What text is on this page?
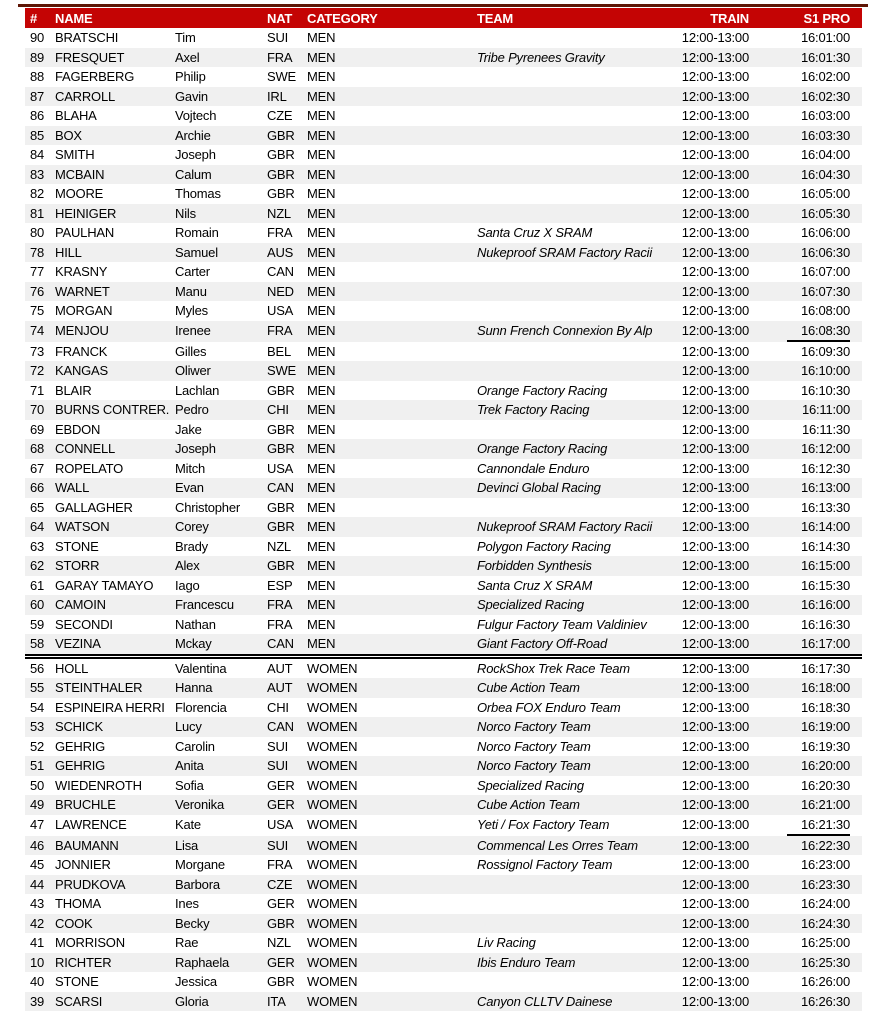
#	NAME		NAT	CATEGORY	TEAM	TRAIN	S1 PRO
90	BRATSCHI	Tim	SUI	MEN		12:00-13:00	16:01:00
89	FRESQUET	Axel	FRA	MEN	Tribe Pyrenees Gravity	12:00-13:00	16:01:30
88	FAGERBERG	Philip	SWE	MEN		12:00-13:00	16:02:00
87	CARROLL	Gavin	IRL	MEN		12:00-13:00	16:02:30
86	BLAHA	Vojtech	CZE	MEN		12:00-13:00	16:03:00
85	BOX	Archie	GBR	MEN		12:00-13:00	16:03:30
84	SMITH	Joseph	GBR	MEN		12:00-13:00	16:04:00
83	MCBAIN	Calum	GBR	MEN		12:00-13:00	16:04:30
82	MOORE	Thomas	GBR	MEN		12:00-13:00	16:05:00
81	HEINIGER	Nils	NZL	MEN		12:00-13:00	16:05:30
80	PAULHAN	Romain	FRA	MEN	Santa Cruz X SRAM	12:00-13:00	16:06:00
78	HILL	Samuel	AUS	MEN	Nukeproof SRAM Factory Racii	12:00-13:00	16:06:30
77	KRASNY	Carter	CAN	MEN		12:00-13:00	16:07:00
76	WARNET	Manu	NED	MEN		12:00-13:00	16:07:30
75	MORGAN	Myles	USA	MEN		12:00-13:00	16:08:00
74	MENJOU	Irenee	FRA	MEN	Sunn French Connexion By Alp	12:00-13:00	16:08:30
73	FRANCK	Gilles	BEL	MEN		12:00-13:00	16:09:30
72	KANGAS	Oliwer	SWE	MEN		12:00-13:00	16:10:00
71	BLAIR	Lachlan	GBR	MEN	Orange Factory Racing	12:00-13:00	16:10:30
70	BURNS CONTRER.	Pedro	CHI	MEN	Trek Factory Racing	12:00-13:00	16:11:00
69	EBDON	Jake	GBR	MEN		12:00-13:00	16:11:30
68	CONNELL	Joseph	GBR	MEN	Orange Factory Racing	12:00-13:00	16:12:00
67	ROPELATO	Mitch	USA	MEN	Cannondale Enduro	12:00-13:00	16:12:30
66	WALL	Evan	CAN	MEN	Devinci Global Racing	12:00-13:00	16:13:00
65	GALLAGHER	Christopher	GBR	MEN		12:00-13:00	16:13:30
64	WATSON	Corey	GBR	MEN	Nukeproof SRAM Factory Racii	12:00-13:00	16:14:00
63	STONE	Brady	NZL	MEN	Polygon Factory Racing	12:00-13:00	16:14:30
62	STORR	Alex	GBR	MEN	Forbidden Synthesis	12:00-13:00	16:15:00
61	GARAY TAMAYO	Iago	ESP	MEN	Santa Cruz X SRAM	12:00-13:00	16:15:30
60	CAMOIN	Francescu	FRA	MEN	Specialized Racing	12:00-13:00	16:16:00
59	SECONDI	Nathan	FRA	MEN	Fulgur Factory Team Valdiniev	12:00-13:00	16:16:30
58	VEZINA	Mckay	CAN	MEN	Giant Factory Off-Road	12:00-13:00	16:17:00
56	HOLL	Valentina	AUT	WOMEN	RockShox Trek Race Team	12:00-13:00	16:17:30
55	STEINTHALER	Hanna	AUT	WOMEN	Cube Action Team	12:00-13:00	16:18:00
54	ESPINEIRA HERRI	Florencia	CHI	WOMEN	Orbea FOX Enduro Team	12:00-13:00	16:18:30
53	SCHICK	Lucy	CAN	WOMEN	Norco Factory Team	12:00-13:00	16:19:00
52	GEHRIG	Carolin	SUI	WOMEN	Norco Factory Team	12:00-13:00	16:19:30
51	GEHRIG	Anita	SUI	WOMEN	Norco Factory Team	12:00-13:00	16:20:00
50	WIEDENROTH	Sofia	GER	WOMEN	Specialized Racing	12:00-13:00	16:20:30
49	BRUCHLE	Veronika	GER	WOMEN	Cube Action Team	12:00-13:00	16:21:00
47	LAWRENCE	Kate	USA	WOMEN	Yeti / Fox Factory Team	12:00-13:00	16:21:30
46	BAUMANN	Lisa	SUI	WOMEN	Commencal Les Orres Team	12:00-13:00	16:22:30
45	JONNIER	Morgane	FRA	WOMEN	Rossignol Factory Team	12:00-13:00	16:23:00
44	PRUDKOVA	Barbora	CZE	WOMEN		12:00-13:00	16:23:30
43	THOMA	Ines	GER	WOMEN		12:00-13:00	16:24:00
42	COOK	Becky	GBR	WOMEN		12:00-13:00	16:24:30
41	MORRISON	Rae	NZL	WOMEN	Liv Racing	12:00-13:00	16:25:00
10	RICHTER	Raphaela	GER	WOMEN	Ibis Enduro Team	12:00-13:00	16:25:30
40	STONE	Jessica	GBR	WOMEN		12:00-13:00	16:26:00
39	SCARSI	Gloria	ITA	WOMEN	Canyon CLLTV Dainese	12:00-13:00	16:26:30
